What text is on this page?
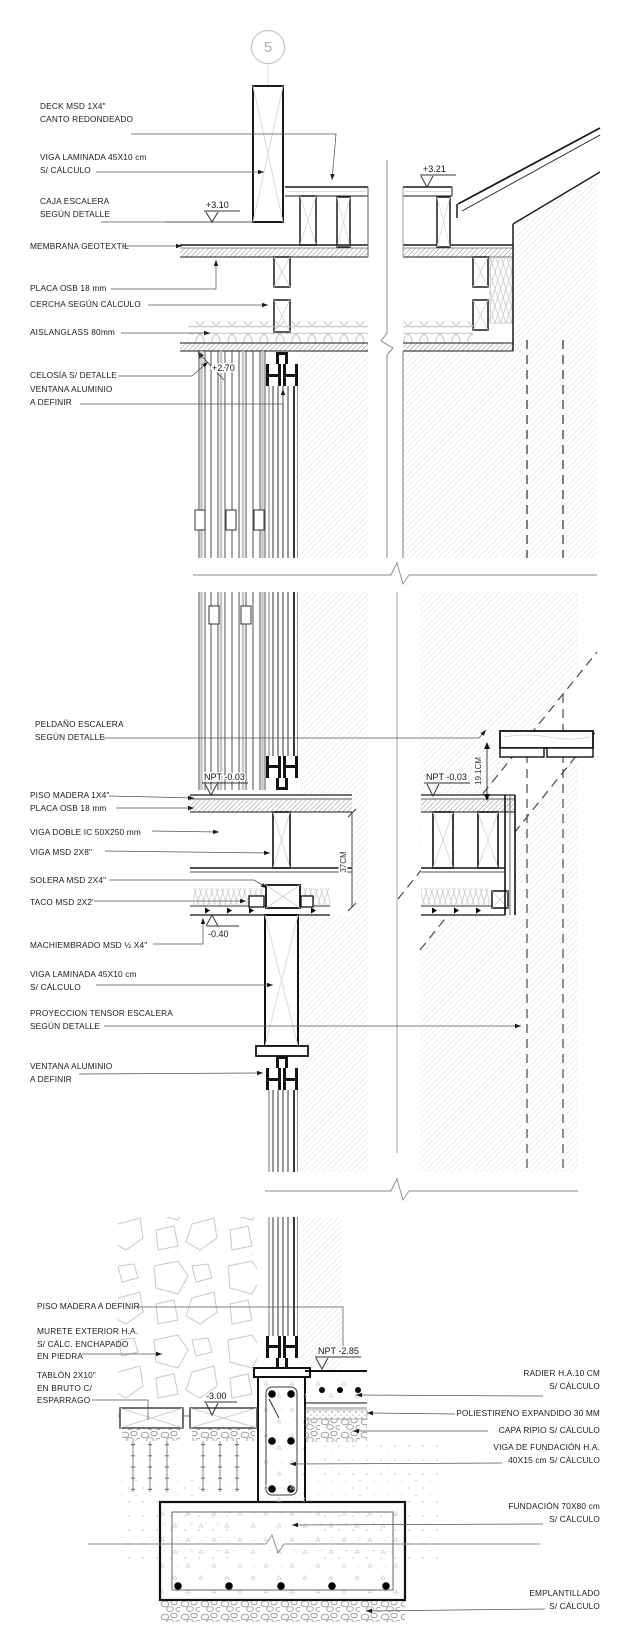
37CM
19.1CM
5
+3.10
+3.21
+2.70
NPT -0.03	NPT -0.03
-0.40
NPT -2.85
-3.00
DECK MSD 1X4"
CANTO REDONDEADO
VIGA LAMINADA 45X10 cm
S/ CÁLCULO
CAJA ESCALERA
SEGÚN DETALLE
MEMBRANA GEOTEXTIL
PLACA OSB 18 mm
CERCHA SEGÚN CÁLCULO
AISLANGLASS 80mm
CELOSÍA S/ DETALLE
VENTANA ALUMINIO
A DEFINIR
PELDAÑO ESCALERA
SEGÚN DETALLE
PISO MADERA 1X4"
PLACA OSB 18 mm
VIGA DOBLE IC 50X250 mm
VIGA MSD 2X8"
SOLERA MSD 2X4"
TACO MSD 2X2'
MACHIEMBRADO MSD ½ X4"
VIGA LAMINADA 45X10 cm
S/ CÁLCULO
PROYECCION TENSOR ESCALERA
SEGÚN DETALLE
VENTANA ALUMINIO
A DEFINIR
PISO MADERA A DEFINIR
MURETE EXTERIOR H.A.
S/ CÁLC. ENCHAPADO
EN PIEDRA
TABLÓN 2X10"
EN BRUTO C/
ESPARRAGO
RADIER H.A.10 CM
S/ CÁLCULO
POLIESTIRENO EXPANDIDO 30 MM
CAPA RIPIO S/ CÁLCULO
VIGA DE FUNDACIÓN H.A.
40X15 cm S/ CÁLCULO
FUNDACIÓN 70X80 cm
S/ CÁLCULO
EMPLANTILLADO
S/ CÁLCULO
